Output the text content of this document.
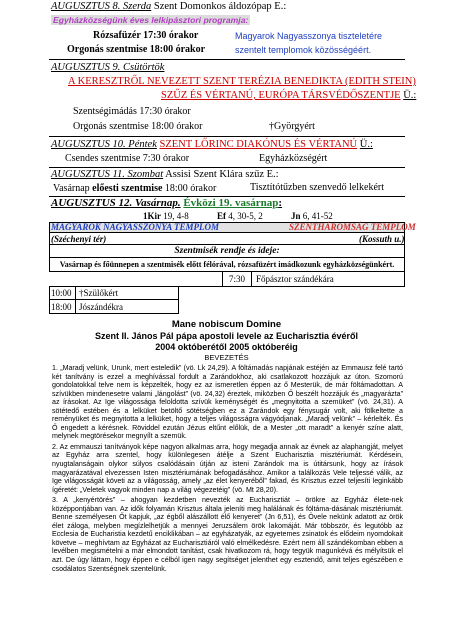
AUGUSZTUS 8. Szerda Szent Domonkos áldozópap E.:
Egyházközségünk éves lelkipásztori programja:
Rózsafüzér 17:30 órakor	Magyarok Nagyasszonya tiszteletére
Orgonás szentmise 18:00 órakor	szentelt templomok közösségéért.
AUGUSZTUS 9. Csütörtök
A KERESZTRŐL NEVEZETT SZENT TERÉZIA BENEDIKTA (EDITH STEIN)
SZŰZ ÉS VÉRTANÚ, EURÓPA TÁRSVÉDŐSZENTJE Ü.:
Szentségimádás 17:30 órakor
Orgonás szentmise 18:00 órakor	†Györgyért
AUGUSZTUS 10. Péntek SZENT LŐRINC DIAKÓNUS ÉS VÉRTANÚ Ü.:
Csendes szentmise 7:30 órakor	Egyházközségért
AUGUSZTUS 11. Szombat Assisi Szent Klára szűz E.:
Vasárnap előesti szentmise 18:00 órakor	Tisztítótűzben szenvedő lelkekért
AUGUSZTUS 12. Vasárnap. Évközi 19. vasárnap:
1Kir 19, 4-8	Ef 4, 30-5, 2	Jn 6, 41-52
MAGYAROK NAGYASSZONYA TEMPLOM	SZENTHÁROMSÁG TEMPLOM
(Széchenyi tér)	(Kossuth u.)
Szentmisék rendje és ideje:
Vasárnap és főünnepen a szentmisék előtt félórával, rózsafüzért imádkozunk egyházközségünkért.
7:30 Főpásztor szándékára
10:00 †Szülőkért
18:00 Jószándékra
Mane nobiscum Domine
Szent II. János Pál pápa apostoli levele az Eucharisztia évéről
2004 októberétől 2005 októberéig
BEVEZETÉS

1. „Maradj velünk, Urunk, mert esteledik” (vö. Lk 24,29). A föltámadás napjának estéjén az Emmausz felé tartó két tanítvány is ezzel a meghívással fordult a Zarándokhoz, aki csatlakozott hozzájuk az úton. Szomorú gondolatokkal telve nem is képzelték, hogy ez az ismeretlen éppen az ő Mesterük, de már föltámadottan. A szívükben mindenesetre valami „lángolást” (vö. 24,32) éreztek, miközben Ő beszélt hozzájuk és „magyarázta” az írásokat. Az Ige világossága feloldotta szívük keménységét és „megnyitotta a szemüket” (vö. 24,31). A sötétedő estében és a lelküket betöltő sötétségben ez a Zarándok egy fénysugár volt, aki fölkeltette a reményüket és megnyitotta a lelküket, hogy a teljes világosságra vágyódjanak. „Maradj velünk” – kérlelték. És Ő engedett a kérésnek. Röviddel ezután Jézus eltűnt előlük, de a Mester „ott maradt” a kenyér színe alatt, melynek megtörésekor megnyílt a szemük.

2. Az emmauszi tanítványok képe nagyon alkalmas arra, hogy megadja annak az évnek az alaphangját, melyet az Egyház arra szentel, hogy különlegesen átélje a Szent Eucharisztia misztériumát. Kérdésein, nyugtalanságain olykor súlyos csalódásain útján az isteni Zarándok ma is útitársunk, hogy az írások magyarázatával elvezessen Isten misztériumának befogadásához. Amikor a találkozás Vele teljessé válik, az Ige világosságát követi az a világosság, amely „az élet kenyeréből” fakad, és Krisztus ezzel teljesíti leginkább ígéretét: „Veletek vagyok minden nap a világ végezetéig” (vö. Mt 28,20).

3. A „kenyértörés” – ahogyan kezdetben nevezték az Eucharisztiát – örökre az Egyház élete-nek középpontjában van. Az idők folyamán Krisztus általa jeleníti meg halálának és föltáma-dásának misztériumát. Benne személyesen Őt kapjuk, „az égből alászállott élő kenyeret” (Jn 6,51), és Övele nekünk adatott az örök élet záloga, melyben megízlelhetjük a mennyei Jeruzsálem örök lakomáját. Már többször, és legutóbb az Ecclesia de Eucharistia kezdetű enciklikában – az egyházatyák, az egyetemes zsinatok és elődeim nyomdokait követve – meghívtam az Egyházat az Eucharisztiáról való elmélkedésre. Ezért nem áll szándékomban ebben a levélben megismételni a már elmondott tanítást, csak hivatkozom rá, hogy tegyük magunkévá és mélyítsük el azt. De úgy láttam, hogy éppen e célból igen nagy segítséget jelenthet egy esztendő, amit teljes egészében e csodálatos Szentségnek szentelünk.
